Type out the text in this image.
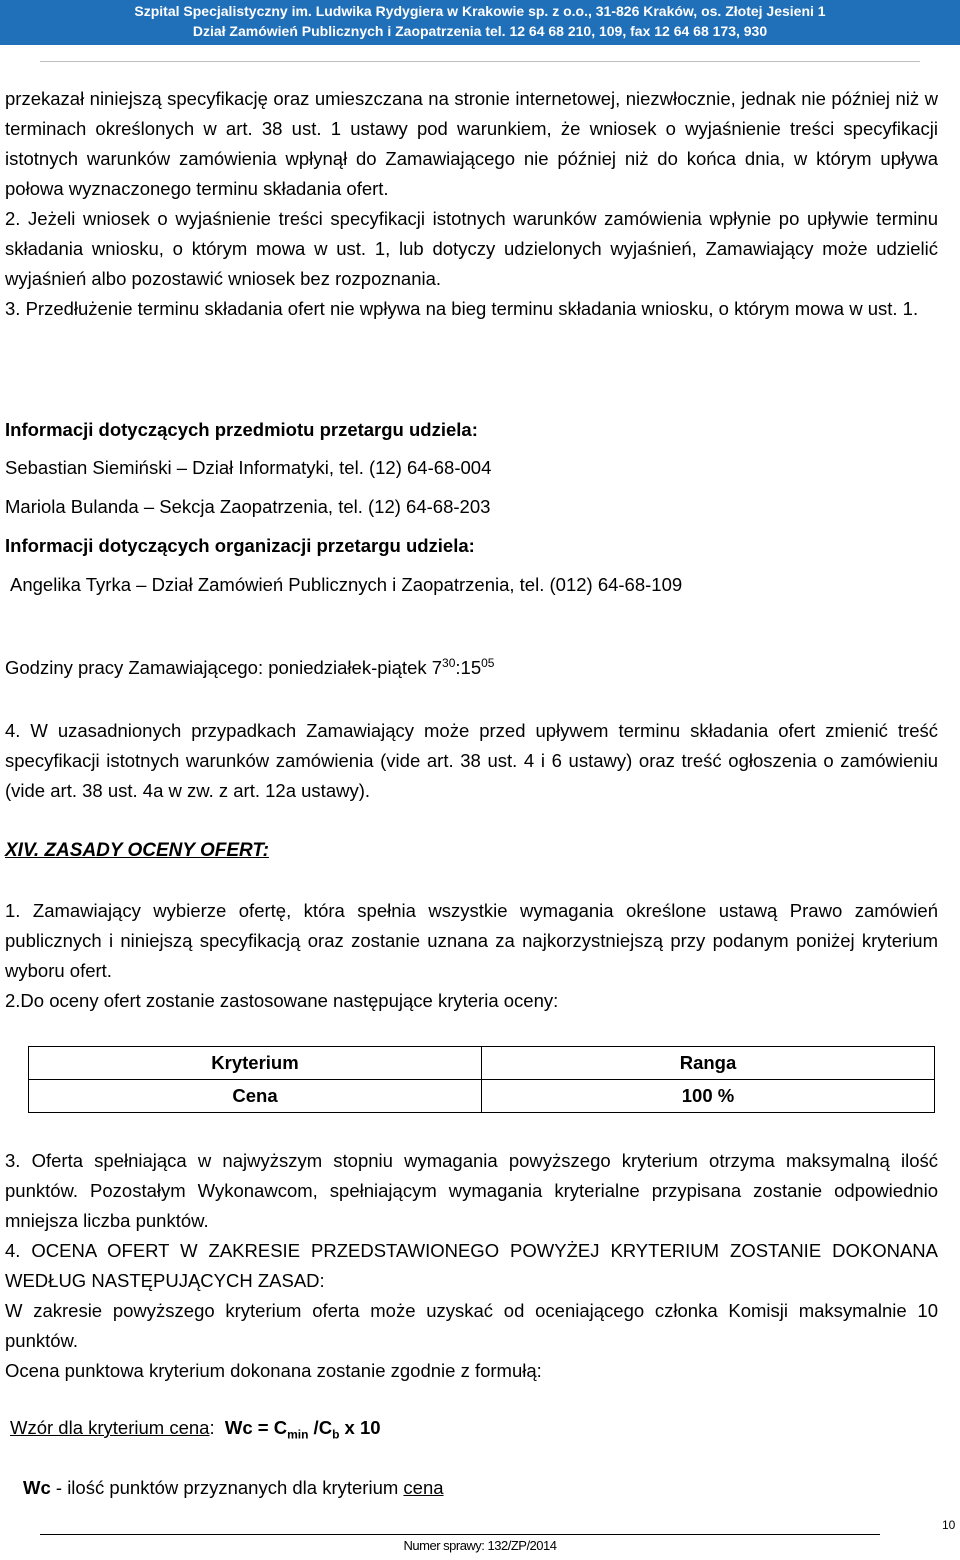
Szpital Specjalistyczny im. Ludwika Rydygiera w Krakowie sp. z o.o., 31-826 Kraków, os. Złotej Jesieni 1
Dział Zamówień Publicznych i Zaopatrzenia tel. 12 64 68 210, 109, fax 12 64 68 173, 930

przekazał niniejszą specyfikację oraz umieszczana na stronie internetowej, niezwłocznie, jednak nie później niż w terminach określonych w art. 38 ust. 1 ustawy pod warunkiem, że wniosek o wyjaśnienie treści specyfikacji istotnych warunków zamówienia wpłynął do Zamawiającego nie później niż do końca dnia, w którym upływa połowa wyznaczonego terminu składania ofert.

2. Jeżeli wniosek o wyjaśnienie treści specyfikacji istotnych warunków zamówienia wpłynie po upływie terminu składania wniosku, o którym mowa w ust. 1, lub dotyczy udzielonych wyjaśnień, Zamawiający może udzielić wyjaśnień albo pozostawić wniosek bez rozpoznania.

3. Przedłużenie terminu składania ofert nie wpływa na bieg terminu składania wniosku, o którym mowa w ust. 1.

Informacji dotyczących przedmiotu przetargu udziela:
Sebastian Siemiński – Dział Informatyki, tel. (12) 64-68-004
Mariola Bulanda – Sekcja Zaopatrzenia, tel. (12) 64-68-203
Informacji dotyczących organizacji przetargu udziela:
Angelika Tyrka – Dział Zamówień Publicznych i Zaopatrzenia, tel. (012) 64-68-109
Godziny pracy Zamawiającego: poniedziałek-piątek $7^{30}:15^{05}$

4. W uzasadnionych przypadkach Zamawiający może przed upływem terminu składania ofert zmienić treść specyfikacji istotnych warunków zamówienia (vide art. 38 ust. 4 i 6 ustawy) oraz treść ogłoszenia o zamówieniu (vide art. 38 ust. 4a w zw. z art. 12a ustawy).

XIV. ZASADY OCENY OFERT:

1. Zamawiający wybierze ofertę, która spełnia wszystkie wymagania określone ustawą Prawo zamówień publicznych i niniejszą specyfikacją oraz zostanie uznana za najkorzystniejszą przy podanym poniżej kryterium wyboru ofert.

2.Do oceny ofert zostanie zastosowane następujące kryteria oceny:

Kryterium	Ranga
Cena	100 %

3. Oferta spełniająca w najwyższym stopniu wymagania powyższego kryterium otrzyma maksymalną ilość punktów. Pozostałym Wykonawcom, spełniającym wymagania kryterialne przypisana zostanie odpowiednio mniejsza liczba punktów.

4. OCENA OFERT W ZAKRESIE PRZEDSTAWIONEGO POWYŻEJ KRYTERIUM ZOSTANIE DOKONANA WEDŁUG NASTĘPUJĄCYCH ZASAD:

W zakresie powyższego kryterium oferta może uzyskać od oceniającego członka Komisji maksymalnie 10 punktów.

Ocena punktowa kryterium dokonana zostanie zgodnie z formułą:

Wzór dla kryterium cena: $Wc = C_{min}$ $/C_b$ x 10
Wc - ilość punktów przyznanych dla kryterium cena
10
Numer sprawy: 132/ZP/2014
